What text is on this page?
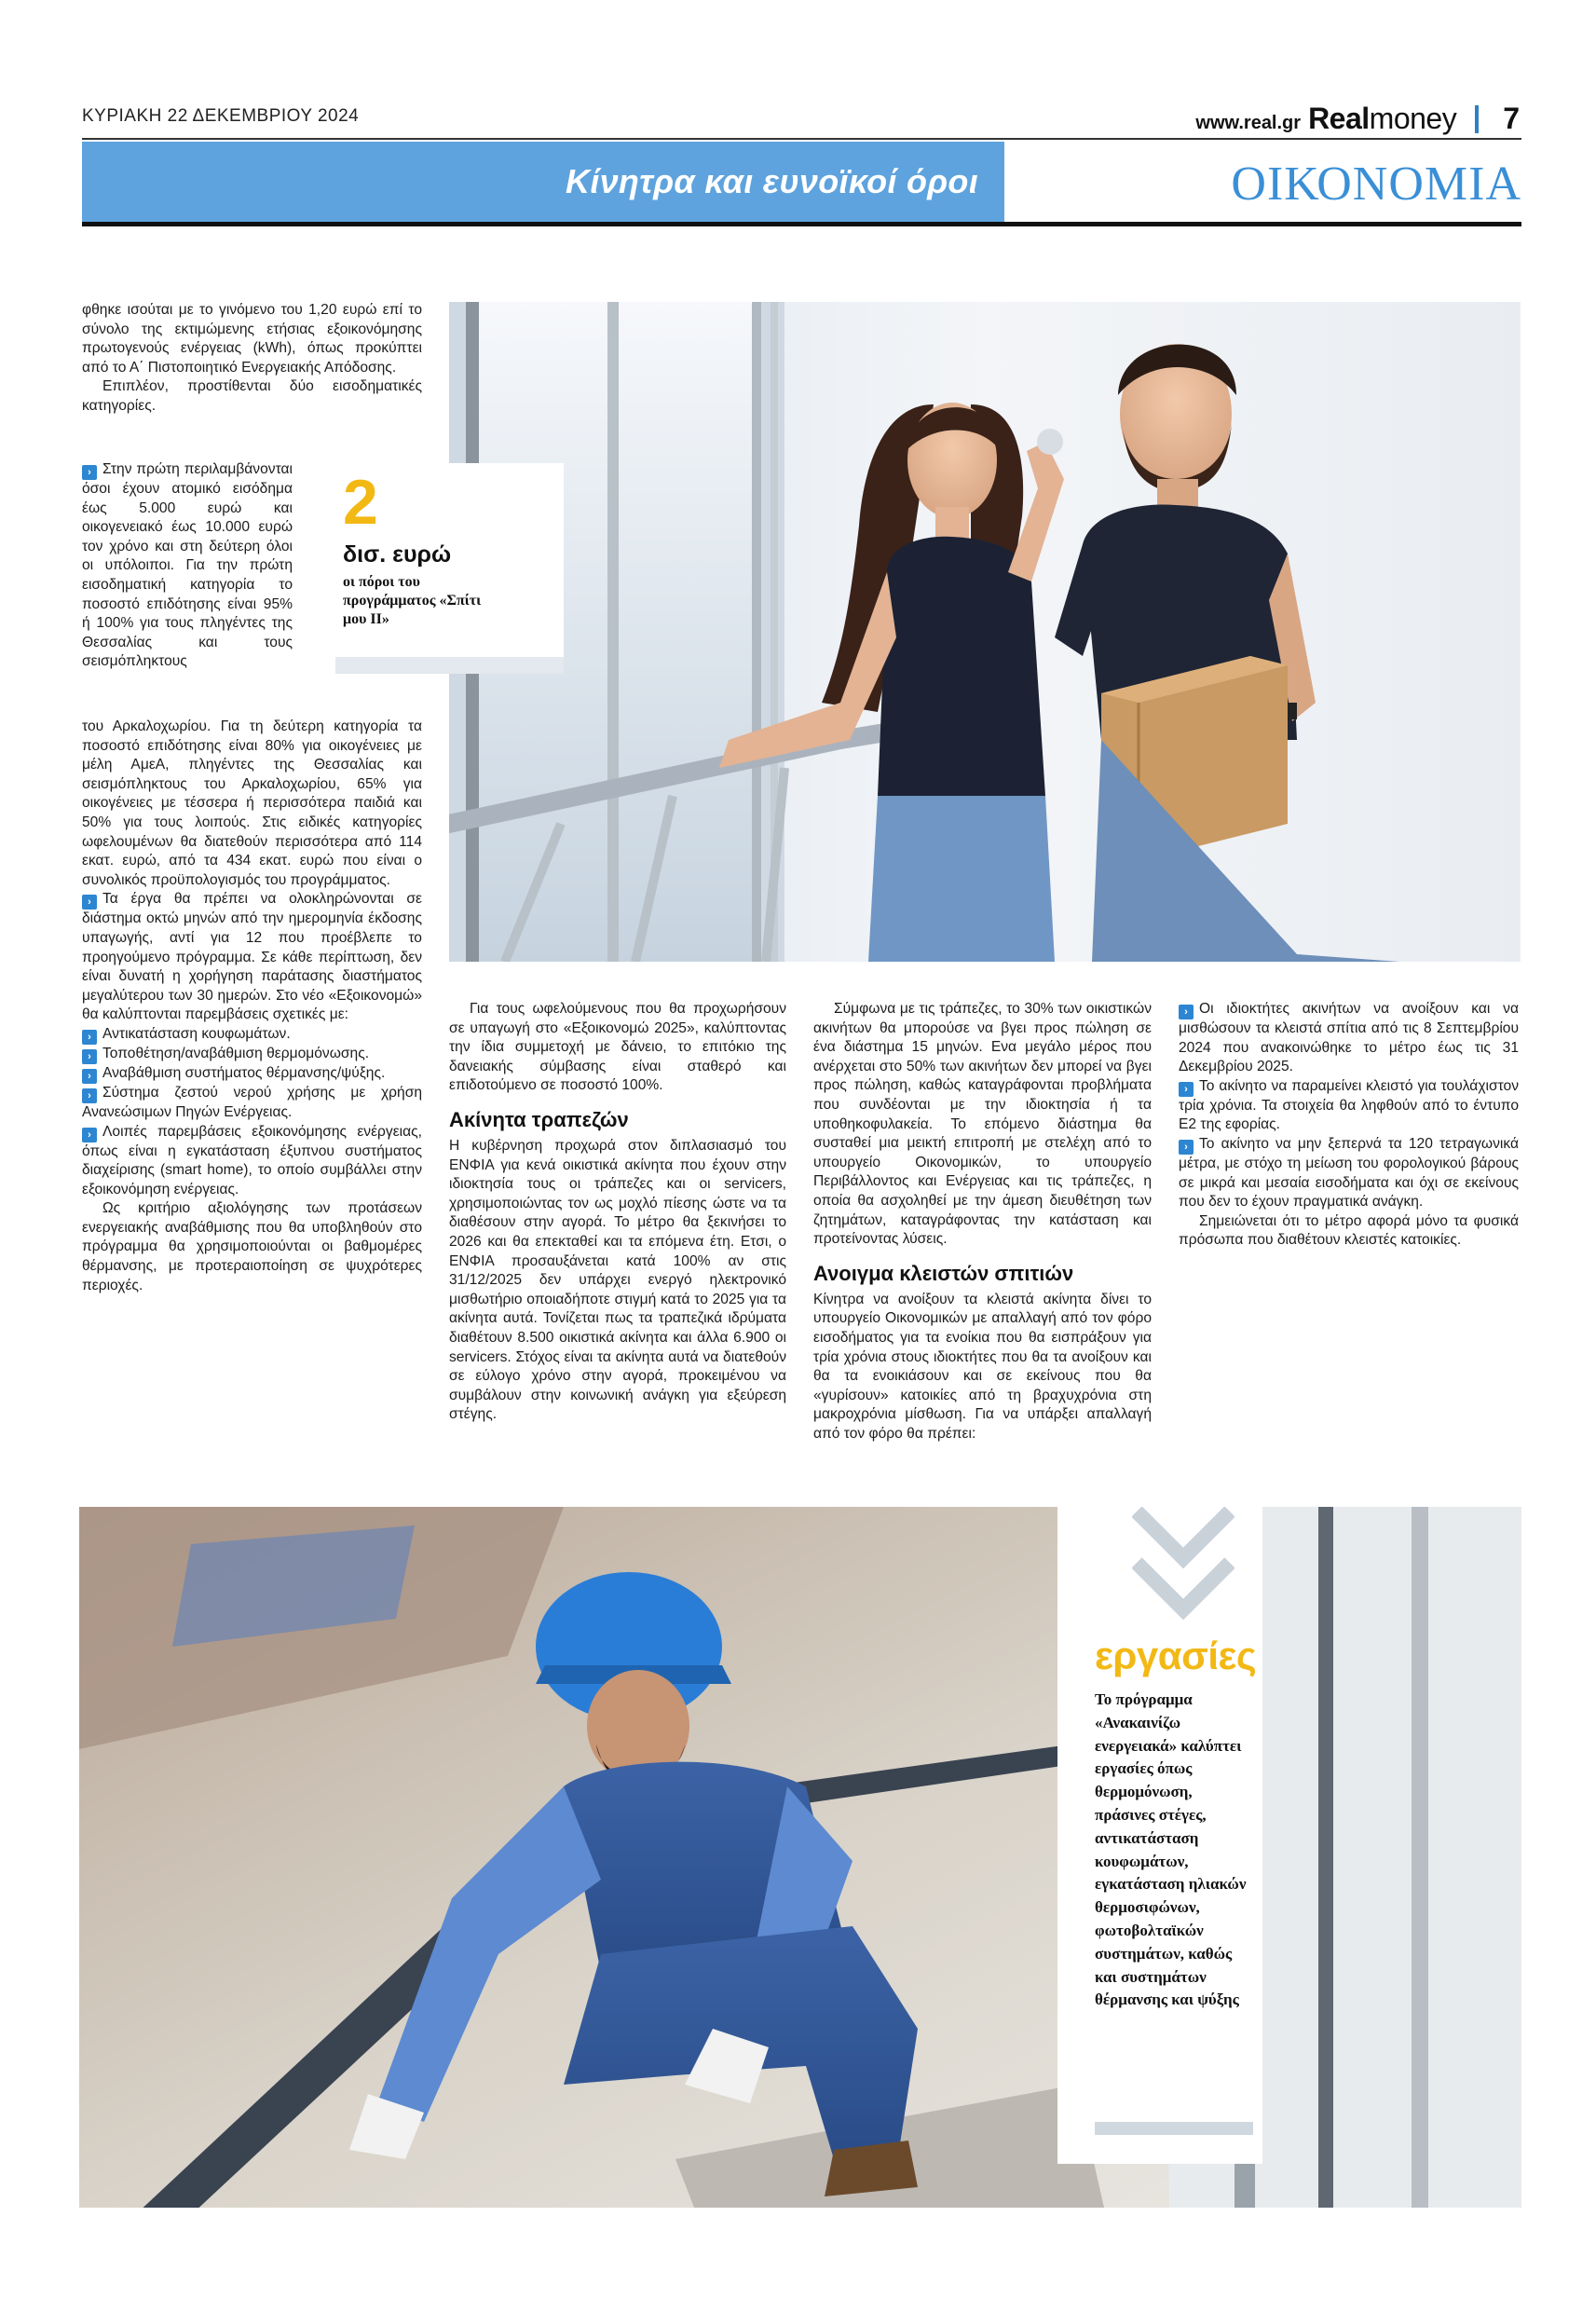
ΚΥΡΙΑΚΗ 22 ΔΕΚΕΜΒΡΙΟΥ 2024	www.real.gr Realmoney 7
Κίνητρα και ευνοϊκοί όροι	ΟΙΚΟΝΟΜΙΑ
2
δισ. ευρώ
οι πόροι του προγράμματος «Σπίτι μου ΙΙ»

φθηκε ισούται με το γινόμενο του 1,20 ευρώ επί το σύνολο της εκτιμώμενης ετήσιας εξοικονόμησης πρωτογενούς ενέργειας (kWh), όπως προκύπτει από το Α΄ Πιστοποιητικό Ενεργειακής Απόδοσης.

Επιπλέον, προστίθενται δύο εισοδηματικές κατηγορίες.

› Στην πρώτη περιλαμβάνονται όσοι έχουν ατομικό εισόδημα έως 5.000 ευρώ και οικογενειακό έως 10.000 ευρώ τον χρόνο και στη δεύτερη όλοι οι υπόλοιποι. Για την πρώτη εισοδηματική κατηγορία το ποσοστό επιδότησης είναι 95% ή 100% για τους πληγέντες της Θεσσαλίας και τους σεισμόπληκτους

του Αρκαλοχωρίου. Για τη δεύτερη κατηγορία τα ποσοστό επιδότησης είναι 80% για οικογένειες με μέλη ΑμεΑ, πληγέντες της Θεσσαλίας και σεισμόπληκτους του Αρκαλοχωρίου, 65% για οικογένειες με τέσσερα ή περισσότερα παιδιά και 50% για τους λοιπούς. Στις ειδικές κατηγορίες ωφελουμένων θα διατεθούν περισσότερα από 114 εκατ. ευρώ, από τα 434 εκατ. ευρώ που είναι ο συνολικός προϋπολογισμός του προγράμματος.

› Τα έργα θα πρέπει να ολοκληρώνονται σε διάστημα οκτώ μηνών από την ημερομηνία έκδοσης υπαγωγής, αντί για 12 που προέβλεπε το προηγούμενο πρόγραμμα. Σε κάθε περίπτωση, δεν είναι δυνατή η χορήγηση παράτασης διαστήματος μεγαλύτερου των 30 ημερών. Στο νέο «Εξοικονομώ» θα καλύπτονται παρεμβάσεις σχετικές με:

› Αντικατάσταση κουφωμάτων.

› Τοποθέτηση/αναβάθμιση θερμομόνωσης.

› Αναβάθμιση συστήματος θέρμανσης/ψύξης.

› Σύστημα ζεστού νερού χρήσης με χρήση Ανανεώσιμων Πηγών Ενέργειας.

› Λοιπές παρεμβάσεις εξοικονόμησης ενέργειας, όπως είναι η εγκατάσταση έξυπνου συστήματος διαχείρισης (smart home), το οποίο συμβάλλει στην εξοικονόμηση ενέργειας.

Ως κριτήριο αξιολόγησης των προτάσεων ενεργειακής αναβάθμισης που θα υποβληθούν στο πρόγραμμα θα χρησιμοποιούνται οι βαθμομέρες θέρμανσης, με προτεραιοποίηση σε ψυχρότερες περιοχές.

Για τους ωφελούμενους που θα προχωρήσουν σε υπαγωγή στο «Εξοικονομώ 2025», καλύπτοντας την ίδια συμμετοχή με δάνειο, το επιτόκιο της δανειακής σύμβασης είναι σταθερό και επιδοτούμενο σε ποσοστό 100%.

Ακίνητα τραπεζών

Η κυβέρνηση προχωρά στον διπλασιασμό του ΕΝΦΙΑ για κενά οικιστικά ακίνητα που έχουν στην ιδιοκτησία τους οι τράπεζες και οι servicers, χρησιμοποιώντας τον ως μοχλό πίεσης ώστε να τα διαθέσουν στην αγορά. Το μέτρο θα ξεκινήσει το 2026 και θα επεκταθεί και τα επόμενα έτη. Ετσι, ο ΕΝΦΙΑ προσαυξάνεται κατά 100% αν στις 31/12/2025 δεν υπάρχει ενεργό ηλεκτρονικό μισθωτήριο οποιαδήποτε στιγμή κατά το 2025 για τα ακίνητα αυτά. Τονίζεται πως τα τραπεζικά ιδρύματα διαθέτουν 8.500 οικιστικά ακίνητα και άλλα 6.900 οι servicers. Στόχος είναι τα ακίνητα αυτά να διατεθούν σε εύλογο χρόνο στην αγορά, προκειμένου να συμβάλουν στην κοινωνική ανάγκη για εξεύρεση στέγης.

Σύμφωνα με τις τράπεζες, το 30% των οικιστικών ακινήτων θα μπορούσε να βγει προς πώληση σε ένα διάστημα 15 μηνών. Ενα μεγάλο μέρος που ανέρχεται στο 50% των ακινήτων δεν μπορεί να βγει προς πώληση, καθώς καταγράφονται προβλήματα που συνδέονται με την ιδιοκτησία ή τα υποθηκοφυλακεία. Το επόμενο διάστημα θα συσταθεί μια μεικτή επιτροπή με στελέχη από το υπουργείο Οικονομικών, το υπουργείο Περιβάλλοντος και Ενέργειας και τις τράπεζες, η οποία θα ασχοληθεί με την άμεση διευθέτηση των ζητημάτων, καταγράφοντας την κατάσταση και προτείνοντας λύσεις.

Ανοιγμα κλειστών σπιτιών

Κίνητρα να ανοίξουν τα κλειστά ακίνητα δίνει το υπουργείο Οικονομικών με απαλλαγή από τον φόρο εισοδήματος για τα ενοίκια που θα εισπράξουν για τρία χρόνια στους ιδιοκτήτες που θα τα ανοίξουν και θα τα ενοικιάσουν και σε εκείνους που θα «γυρίσουν» κατοικίες από τη βραχυχρόνια στη μακροχρόνια μίσθωση. Για να υπάρξει απαλλαγή από τον φόρο θα πρέπει:

› Οι ιδιοκτήτες ακινήτων να ανοίξουν και να μισθώσουν τα κλειστά σπίτια από τις 8 Σεπτεμβρίου 2024 που ανακοινώθηκε το μέτρο έως τις 31 Δεκεμβρίου 2025.

› Το ακίνητο να παραμείνει κλειστό για τουλάχιστον τρία χρόνια. Τα στοιχεία θα ληφθούν από το έντυπο Ε2 της εφορίας.

› Το ακίνητο να μην ξεπερνά τα 120 τετραγωνικά μέτρα, με στόχο τη μείωση του φορολογικού βάρους σε μικρά και μεσαία εισοδήματα και όχι σε εκείνους που δεν το έχουν πραγματικά ανάγκη.

Σημειώνεται ότι το μέτρο αφορά μόνο τα φυσικά πρόσωπα που διαθέτουν κλειστές κατοικίες.

εργασίες
Το πρόγραμμα «Ανακαινίζω ενεργειακά» καλύπτει εργασίες όπως θερμομόνωση, πράσινες στέγες, αντικατάσταση κουφωμάτων, εγκατάσταση ηλιακών θερμοσιφώνων, φωτοβολταϊκών συστημάτων, καθώς και συστημάτων θέρμανσης και ψύξης
